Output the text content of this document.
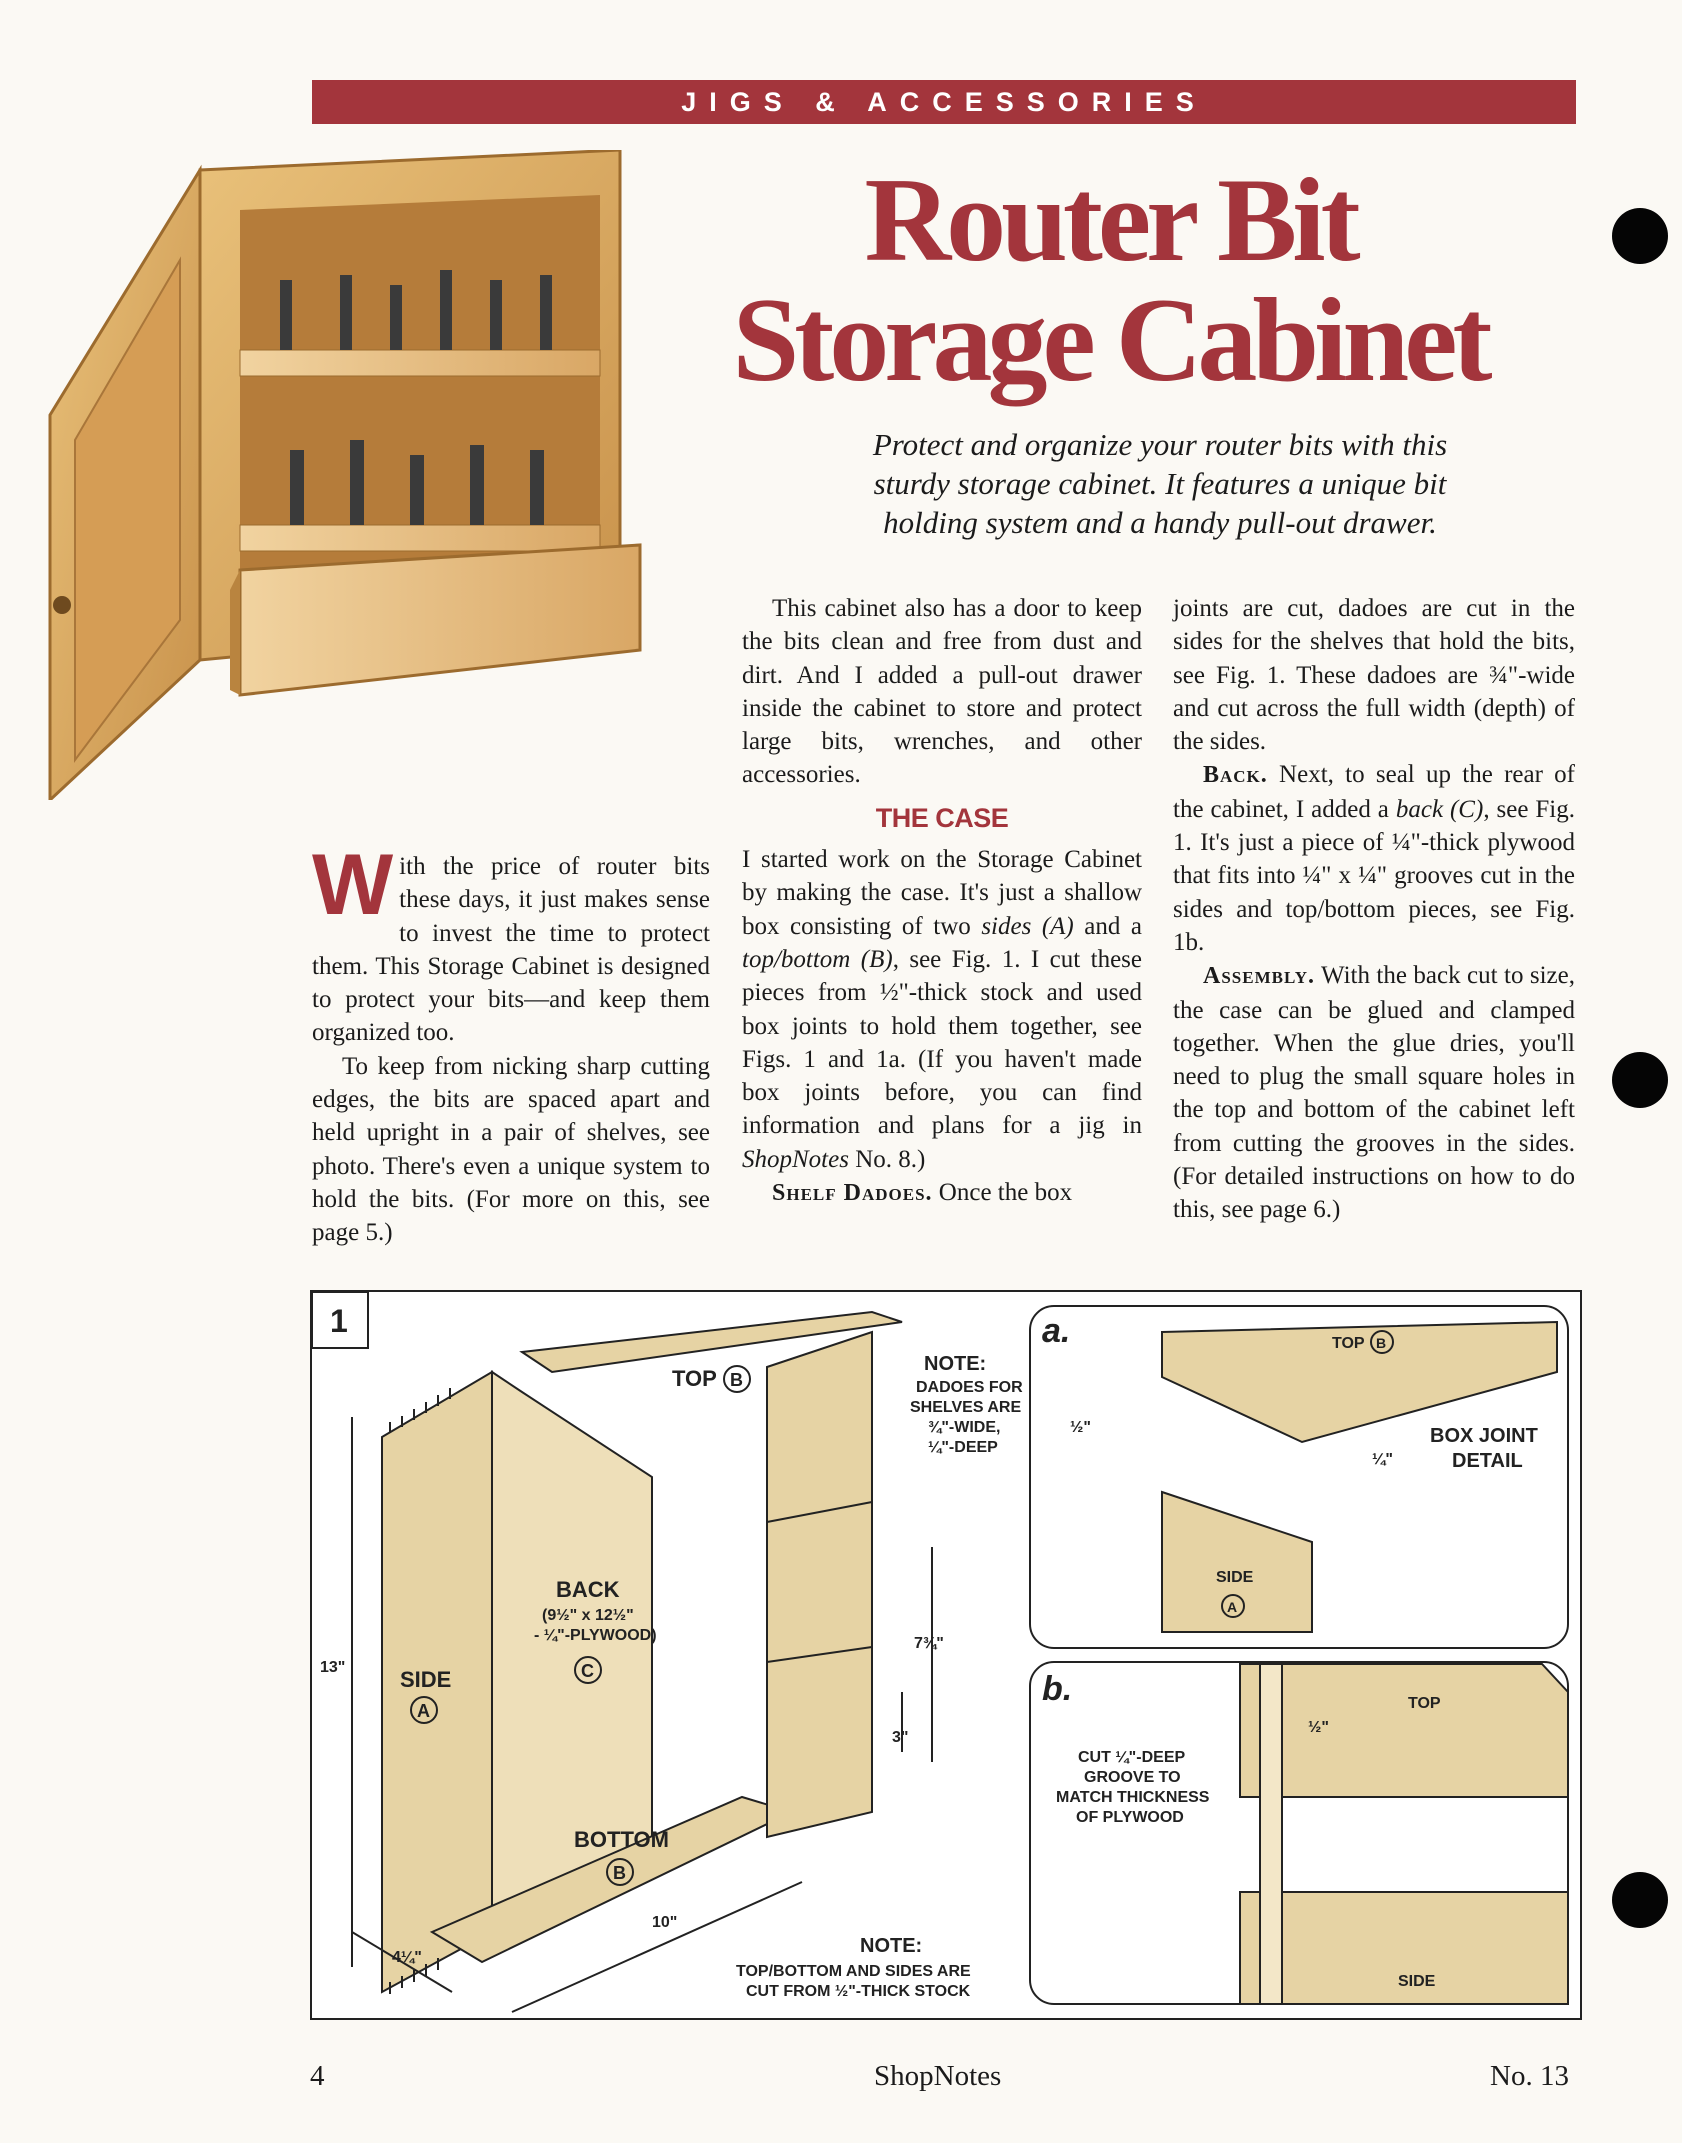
JIGS & ACCESSORIES
Router Bit
Storage Cabinet

Protect and organize your router bits with this
sturdy storage cabinet. It features a unique bit
holding system and a handy pull-out drawer.

With the price of router bits these days, it just makes sense to invest the time to protect them. This Storage Cabinet is designed to protect your bits—and keep them organized too.

To keep from nicking sharp cutting edges, the bits are spaced apart and held upright in a pair of shelves, see photo. There's even a unique system to hold the bits. (For more on this, see page 5.)

This cabinet also has a door to keep the bits clean and free from dust and dirt. And I added a pull-out drawer inside the cabinet to store and protect large bits, wrenches, and other accessories.

THE CASE

I started work on the Storage Cabinet by making the case. It's just a shallow box consisting of two sides (A) and a top/bottom (B), see Fig. 1. I cut these pieces from ½"-thick stock and used box joints to hold them together, see Figs. 1 and 1a. (If you haven't made box joints before, you can find information and plans for a jig in ShopNotes No. 8.)

Shelf Dadoes. Once the box

joints are cut, dadoes are cut in the sides for the shelves that hold the bits, see Fig. 1. These dadoes are ¾"-wide and cut across the full width (depth) of the sides.

Back. Next, to seal up the rear of the cabinet, I added a back (C), see Fig. 1. It's just a piece of ¼"-thick plywood that fits into ¼" x ¼" grooves cut in the sides and top/bottom pieces, see Fig. 1b.

Assembly. With the back cut to size, the case can be glued and clamped together. When the glue dries, you'll need to plug the small square holes in the top and bottom of the cabinet left from cutting the grooves in the sides. (For detailed instructions on how to do this, see page 6.)

1
TOP B
BACK
(9½" x 12½"
- ¼"-PLYWOOD)
C
SIDE
A
BOTTOM
B
NOTE:
DADOES FOR
SHELVES ARE
¾"-WIDE,
¼"-DEEP
13"
7¾"
3"
10"
4¼"
NOTE:
TOP/BOTTOM AND SIDES ARE
CUT FROM ½"-THICK STOCK
a.	TOP B
BOX JOINT
DETAIL
½"
¼"
SIDE
A
b.	TOP
½"
CUT ¼"-DEEP
GROOVE TO
MATCH THICKNESS
OF PLYWOOD
SIDE
4	ShopNotes	No. 13
